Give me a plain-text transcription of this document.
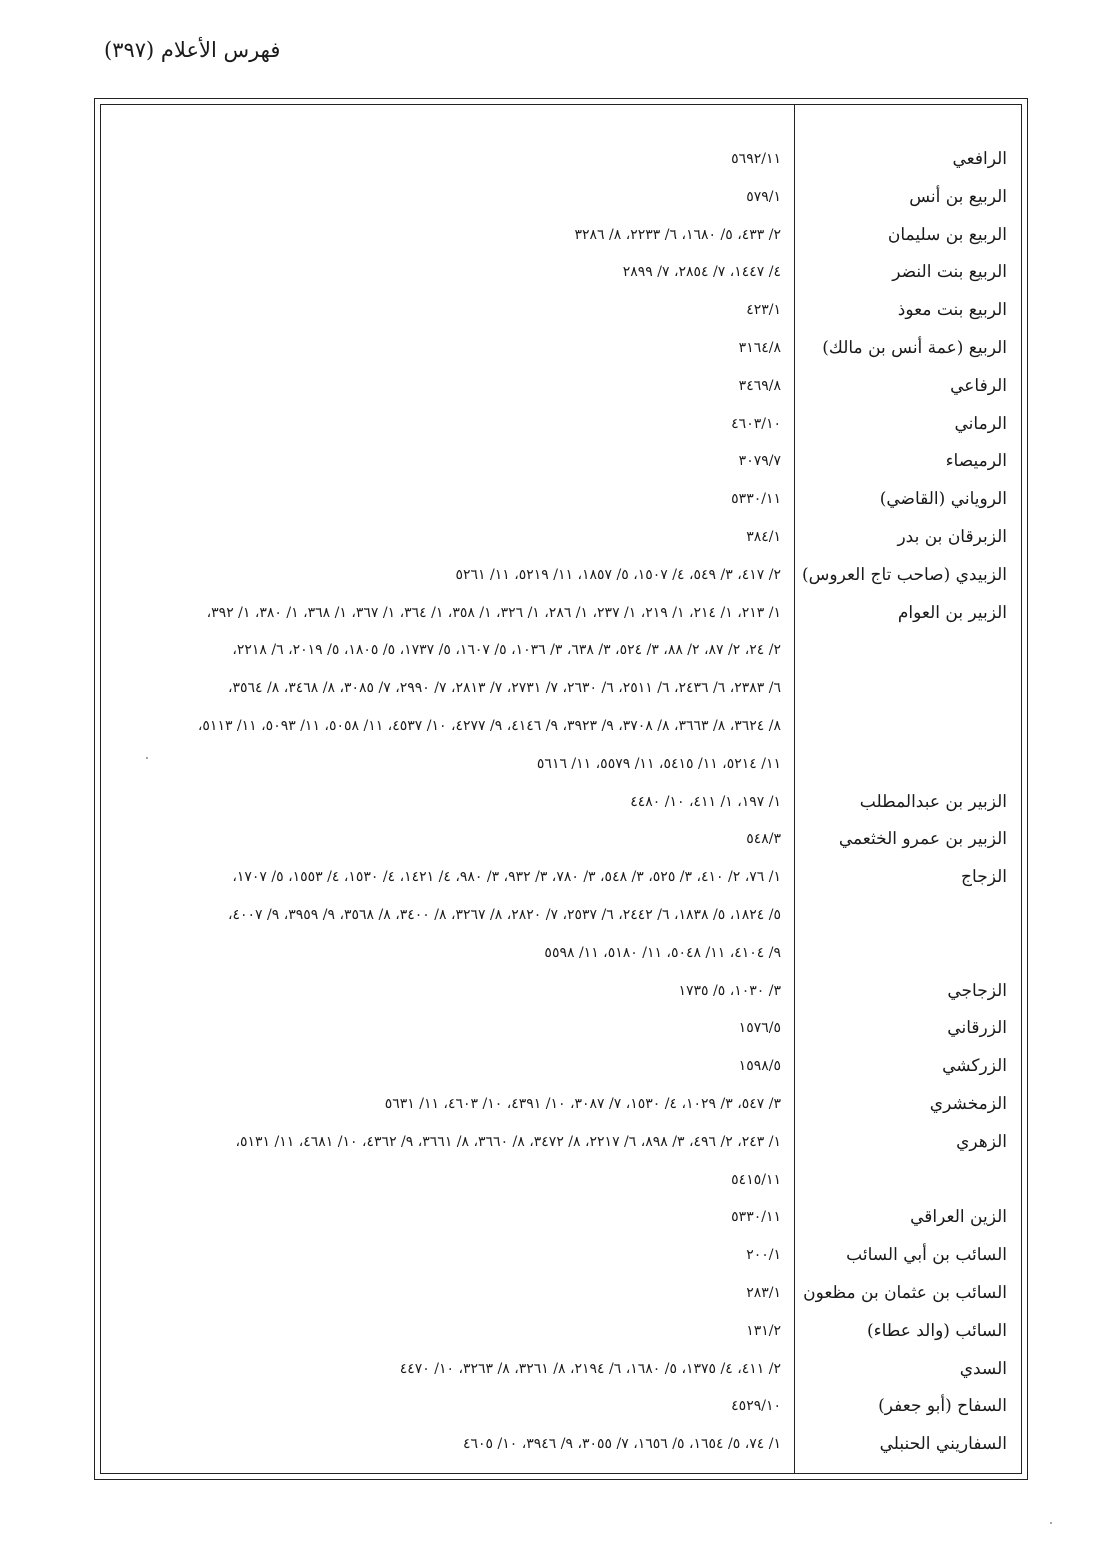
فهرس الأعلام (٣٩٧)
الرافعي
٥٦٩٢/١١
الربيع بن أنس
٥٧٩/١
الربيع بن سليمان
٢/ ٤٣٣، ٥/ ١٦٨٠، ٦/ ٢٢٣٣، ٨/ ٣٢٨٦
الربيع بنت النضر
٤/ ١٤٤٧، ٧/ ٢٨٥٤، ٧/ ٢٨٩٩
الربيع بنت معوذ
٤٢٣/١
الربيع (عمة أنس بن مالك)
٣١٦٤/٨
الرفاعي
٣٤٦٩/٨
الرماني
٤٦٠٣/١٠
الرميصاء
٣٠٧٩/٧
الروياني (القاضي)
٥٣٣٠/١١
الزبرقان بن بدر
٣٨٤/١
الزبيدي (صاحب تاج العروس)
٢/ ٤١٧، ٣/ ٥٤٩، ٤/ ١٥٠٧، ٥/ ١٨٥٧، ١١/ ٥٢١٩، ١١/ ٥٢٦١
الزبير بن العوام
١/ ٢١٣، ١/ ٢١٤، ١/ ٢١٩، ١/ ٢٣٧، ١/ ٢٨٦، ١/ ٣٢٦، ١/ ٣٥٨، ١/ ٣٦٤، ١/ ٣٦٧، ١/ ٣٦٨، ١/ ٣٨٠، ١/ ٣٩٢،
٢/ ٢٤، ٢/ ٨٧، ٢/ ٨٨، ٣/ ٥٢٤، ٣/ ٦٣٨، ٣/ ١٠٣٦، ٥/ ١٦٠٧، ٥/ ١٧٣٧، ٥/ ١٨٠٥، ٥/ ٢٠١٩، ٦/ ٢٢١٨،
٦/ ٢٣٨٣، ٦/ ٢٤٣٦، ٦/ ٢٥١١، ٦/ ٢٦٣٠، ٧/ ٢٧٣١، ٧/ ٢٨١٣، ٧/ ٢٩٩٠، ٧/ ٣٠٨٥، ٨/ ٣٤٦٨، ٨/ ٣٥٦٤،
٨/ ٣٦٢٤، ٨/ ٣٦٦٣، ٨/ ٣٧٠٨، ٩/ ٣٩٢٣، ٩/ ٤١٤٦، ٩/ ٤٢٧٧، ١٠/ ٤٥٣٧، ١١/ ٥٠٥٨، ١١/ ٥٠٩٣، ١١/ ٥١١٣،
١١/ ٥٢١٤، ١١/ ٥٤١٥، ١١/ ٥٥٧٩، ١١/ ٥٦١٦
الزبير بن عبدالمطلب
١/ ١٩٧، ١/ ٤١١، ١٠/ ٤٤٨٠
الزبير بن عمرو الخثعمي
٥٤٨/٣
الزجاج
١/ ٧٦، ٢/ ٤١٠، ٣/ ٥٢٥، ٣/ ٥٤٨، ٣/ ٧٨٠، ٣/ ٩٣٢، ٣/ ٩٨٠، ٤/ ١٤٢١، ٤/ ١٥٣٠، ٤/ ١٥٥٣، ٥/ ١٧٠٧،
٥/ ١٨٢٤، ٥/ ١٨٣٨، ٦/ ٢٤٤٢، ٦/ ٢٥٣٧، ٧/ ٢٨٢٠، ٨/ ٣٢٦٧، ٨/ ٣٤٠٠، ٨/ ٣٥٦٨، ٩/ ٣٩٥٩، ٩/ ٤٠٠٧،
٩/ ٤١٠٤، ١١/ ٥٠٤٨، ١١/ ٥١٨٠، ١١/ ٥٥٩٨
الزجاجي
٣/ ١٠٣٠، ٥/ ١٧٣٥
الزرقاني
١٥٧٦/٥
الزركشي
١٥٩٨/٥
الزمخشري
٣/ ٥٤٧، ٣/ ١٠٢٩، ٤/ ١٥٣٠، ٧/ ٣٠٨٧، ١٠/ ٤٣٩١، ١٠/ ٤٦٠٣، ١١/ ٥٦٣١
الزهري
١/ ٢٤٣، ٢/ ٤٩٦، ٣/ ٨٩٨، ٦/ ٢٢١٧، ٨/ ٣٤٧٢، ٨/ ٣٦٦٠، ٨/ ٣٦٦١، ٩/ ٤٣٦٢، ١٠/ ٤٦٨١، ١١/ ٥١٣١،
٥٤١٥/١١
الزين العراقي
٥٣٣٠/١١
السائب بن أبي السائب
٢٠٠/١
السائب بن عثمان بن مظعون
٢٨٣/١
السائب (والد عطاء)
١٣١/٢
السدي
٢/ ٤١١، ٤/ ١٣٧٥، ٥/ ١٦٨٠، ٦/ ٢١٩٤، ٨/ ٣٢٦١، ٨/ ٣٢٦٣، ١٠/ ٤٤٧٠
السفاح (أبو جعفر)
٤٥٢٩/١٠
السفاريني الحنبلي
١/ ٧٤، ٥/ ١٦٥٤، ٥/ ١٦٥٦، ٧/ ٣٠٥٥، ٩/ ٣٩٤٦، ١٠/ ٤٦٠٥
